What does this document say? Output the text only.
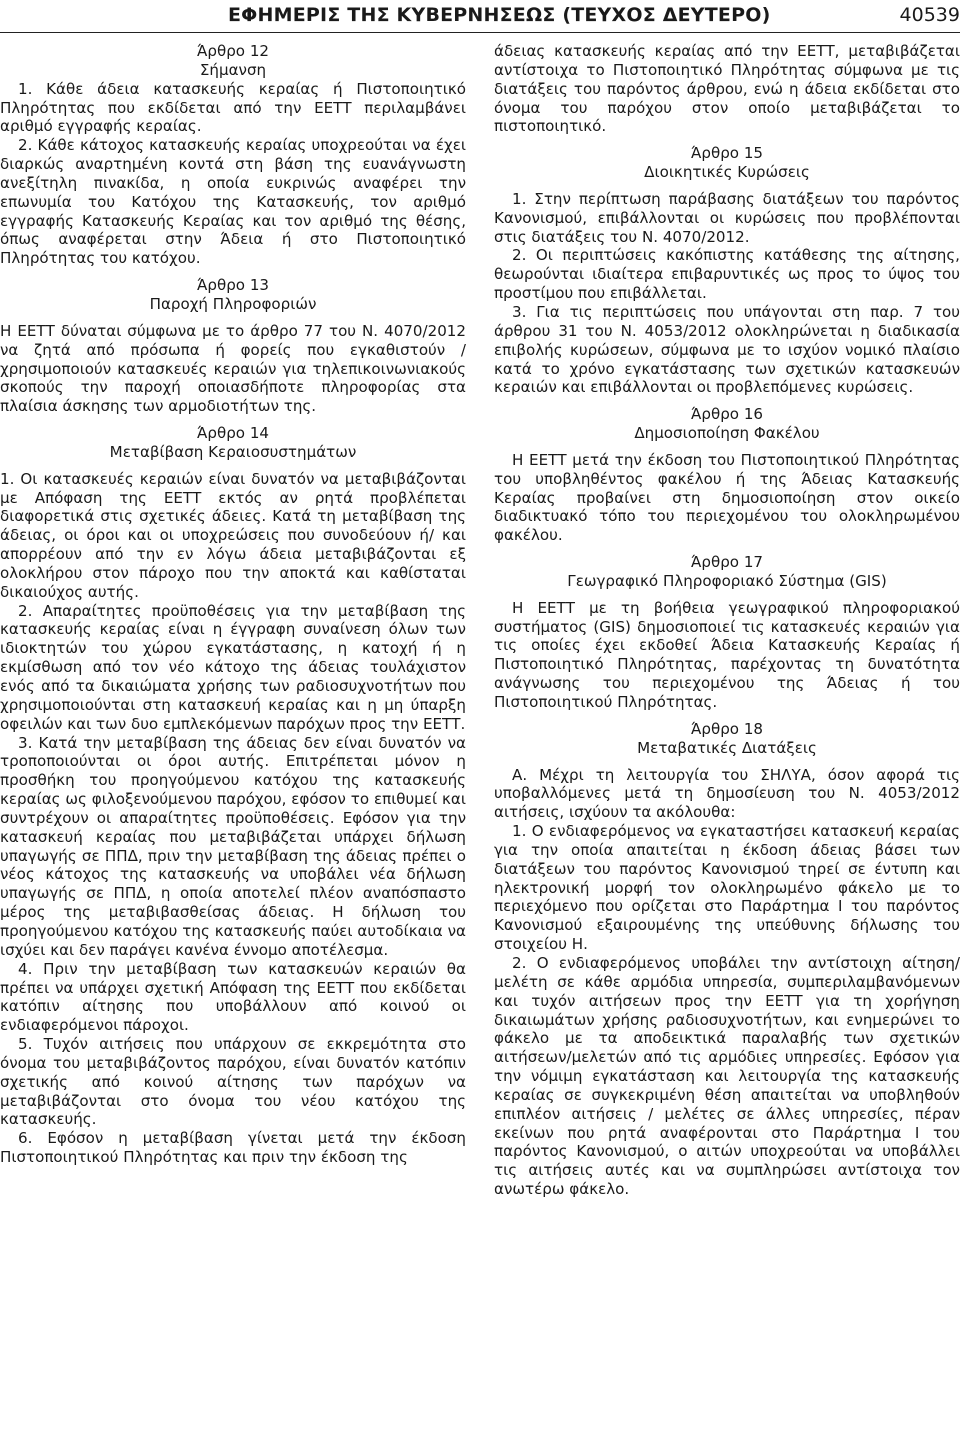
ΕΦΗΜΕΡΙΣ ΤΗΣ ΚΥΒΕΡΝΗΣΕΩΣ (ΤΕΥΧΟΣ ΔΕΥΤΕΡΟ)	40539
Άρθρο 12
Σήμανση

1. Κάθε άδεια κατασκευής κεραίας ή Πιστοποιητικό Πληρότητας που εκδίδεται από την ΕΕΤΤ περιλαμβάνει αριθμό εγγραφής κεραίας.

2. Κάθε κάτοχος κατασκευής κεραίας υποχρεούται να έχει διαρκώς αναρτημένη κοντά στη βάση της ευανάγνωστη ανεξίτηλη πινακίδα, η οποία ευκρινώς αναφέρει την επωνυμία του Κατόχου της Κατασκευής, τον αριθμό εγγραφής Κατασκευής Κεραίας και τον αριθμό της θέσης, όπως αναφέρεται στην Άδεια ή στο Πιστοποιητικό Πληρότητας του κατόχου.

Άρθρο 13
Παροχή Πληροφοριών

Η ΕΕΤΤ δύναται σύμφωνα με το άρθρο 77 του Ν. 4070/2012 να ζητά από πρόσωπα ή φορείς που εγκαθιστούν / χρησιμοποιούν κατασκευές κεραιών για τηλεπικοινωνιακούς σκοπούς την παροχή οποιασδήποτε πληροφορίας στα πλαίσια άσκησης των αρμοδιοτήτων της.

Άρθρο 14
Μεταβίβαση Κεραιοσυστημάτων

1. Οι κατασκευές κεραιών είναι δυνατόν να μεταβιβάζονται με Απόφαση της ΕΕΤΤ εκτός αν ρητά προβλέπεται διαφορετικά στις σχετικές άδειες. Κατά τη μεταβίβαση της άδειας, οι όροι και οι υποχρεώσεις που συνοδεύουν ή/ και απορρέουν από την εν λόγω άδεια μεταβιβάζονται εξ ολοκλήρου στον πάροχο που την αποκτά και καθίσταται δικαιούχος αυτής.

2. Απαραίτητες προϋποθέσεις για την μεταβίβαση της κατασκευής κεραίας είναι η έγγραφη συναίνεση όλων των ιδιοκτητών του χώρου εγκατάστασης, η κατοχή ή η εκμίσθωση από τον νέο κάτοχο της άδειας τουλάχιστον ενός από τα δικαιώματα χρήσης των ραδιοσυχνοτήτων που χρησιμοποιούνται στη κατασκευή κεραίας και η μη ύπαρξη οφειλών και των δυο εμπλεκόμενων παρόχων προς την ΕΕΤΤ.

3. Κατά την μεταβίβαση της άδειας δεν είναι δυνατόν να τροποποιούνται οι όροι αυτής. Επιτρέπεται μόνον η προσθήκη του προηγούμενου κατόχου της κατασκευής κεραίας ως φιλοξενούμενου παρόχου, εφόσον το επιθυμεί και συντρέχουν οι απαραίτητες προϋποθέσεις. Εφόσον για την κατασκευή κεραίας που μεταβιβάζεται υπάρχει δήλωση υπαγωγής σε ΠΠΔ, πριν την μεταβίβαση της άδειας πρέπει ο νέος κάτοχος της κατασκευής να υποβάλει νέα δήλωση υπαγωγής σε ΠΠΔ, η οποία αποτελεί πλέον αναπόσπαστο μέρος της μεταβιβασθείσας άδειας. Η δήλωση του προηγούμενου κατόχου της κατασκευής παύει αυτοδίκαια να ισχύει και δεν παράγει κανένα έννομο αποτέλεσμα.

4. Πριν την μεταβίβαση των κατασκευών κεραιών θα πρέπει να υπάρχει σχετική Απόφαση της ΕΕΤΤ που εκδίδεται κατόπιν αίτησης που υποβάλλουν από κοινού οι ενδιαφερόμενοι πάροχοι.

5. Τυχόν αιτήσεις που υπάρχουν σε εκκρεμότητα στο όνομα του μεταβιβάζοντος παρόχου, είναι δυνατόν κατόπιν σχετικής από κοινού αίτησης των παρόχων να μεταβιβάζονται στο όνομα του νέου κατόχου της κατασκευής.

6. Εφόσον η μεταβίβαση γίνεται μετά την έκδοση Πιστοποιητικού Πληρότητας και πριν την έκδοση της

άδειας κατασκευής κεραίας από την ΕΕΤΤ, μεταβιβάζεται αντίστοιχα το Πιστοποιητικό Πληρότητας σύμφωνα με τις διατάξεις του παρόντος άρθρου, ενώ η άδεια εκδίδεται στο όνομα του παρόχου στον οποίο μεταβιβάζεται το πιστοποιητικό.

Άρθρο 15
Διοικητικές Κυρώσεις

1. Στην περίπτωση παράβασης διατάξεων του παρόντος Κανονισμού, επιβάλλονται οι κυρώσεις που προβλέπονται στις διατάξεις του Ν. 4070/2012.

2. Οι περιπτώσεις κακόπιστης κατάθεσης της αίτησης, θεωρούνται ιδιαίτερα επιβαρυντικές ως προς το ύψος του προστίμου που επιβάλλεται.

3. Για τις περιπτώσεις που υπάγονται στη παρ. 7 του άρθρου 31 του Ν. 4053/2012 ολοκληρώνεται η διαδικασία επιβολής κυρώσεων, σύμφωνα με το ισχύον νομικό πλαίσιο κατά το χρόνο εγκατάστασης των σχετικών κατασκευών κεραιών και επιβάλλονται οι προβλεπόμενες κυρώσεις.

Άρθρο 16
Δημοσιοποίηση Φακέλου

Η ΕΕΤΤ μετά την έκδοση του Πιστοποιητικού Πληρότητας του υποβληθέντος φακέλου ή της Άδειας Κατασκευής Κεραίας προβαίνει στη δημοσιοποίηση στον οικείο διαδικτυακό τόπο του περιεχομένου του ολοκληρωμένου φακέλου.

Άρθρο 17
Γεωγραφικό Πληροφοριακό Σύστημα (GIS)

Η ΕΕΤΤ με τη βοήθεια γεωγραφικού πληροφοριακού συστήματος (GIS) δημοσιοποιεί τις κατασκευές κεραιών για τις οποίες έχει εκδοθεί Άδεια Κατασκευής Κεραίας ή Πιστοποιητικό Πληρότητας, παρέχοντας τη δυνατότητα ανάγνωσης του περιεχομένου της Άδειας ή του Πιστοποιητικού Πληρότητας.

Άρθρο 18
Μεταβατικές Διατάξεις

Α. Μέχρι τη λειτουργία του ΣΗΛΥΑ, όσον αφορά τις υποβαλλόμενες μετά τη δημοσίευση του Ν. 4053/2012 αιτήσεις, ισχύουν τα ακόλουθα:

1. Ο ενδιαφερόμενος να εγκαταστήσει κατασκευή κεραίας για την οποία απαιτείται η έκδοση άδειας βάσει των διατάξεων του παρόντος Κανονισμού τηρεί σε έντυπη και ηλεκτρονική μορφή τον ολοκληρωμένο φάκελο με το περιεχόμενο που ορίζεται στο Παράρτημα Ι του παρόντος Κανονισμού εξαιρουμένης της υπεύθυνης δήλωσης του στοιχείου Η.

2. Ο ενδιαφερόμενος υποβάλει την αντίστοιχη αίτηση/ μελέτη σε κάθε αρμόδια υπηρεσία, συμπεριλαμβανόμενων και τυχόν αιτήσεων προς την ΕΕΤΤ για τη χορήγηση δικαιωμάτων χρήσης ραδιοσυχνοτήτων, και ενημερώνει το φάκελο με τα αποδεικτικά παραλαβής των σχετικών αιτήσεων/μελετών από τις αρμόδιες υπηρεσίες. Εφόσον για την νόμιμη εγκατάσταση και λειτουργία της κατασκευής κεραίας σε συγκεκριμένη θέση απαιτείται να υποβληθούν επιπλέον αιτήσεις / μελέτες σε άλλες υπηρεσίες, πέραν εκείνων που ρητά αναφέρονται στο Παράρτημα Ι του παρόντος Κανονισμού, ο αιτών υποχρεούται να υποβάλλει τις αιτήσεις αυτές και να συμπληρώσει αντίστοιχα τον ανωτέρω φάκελο.
